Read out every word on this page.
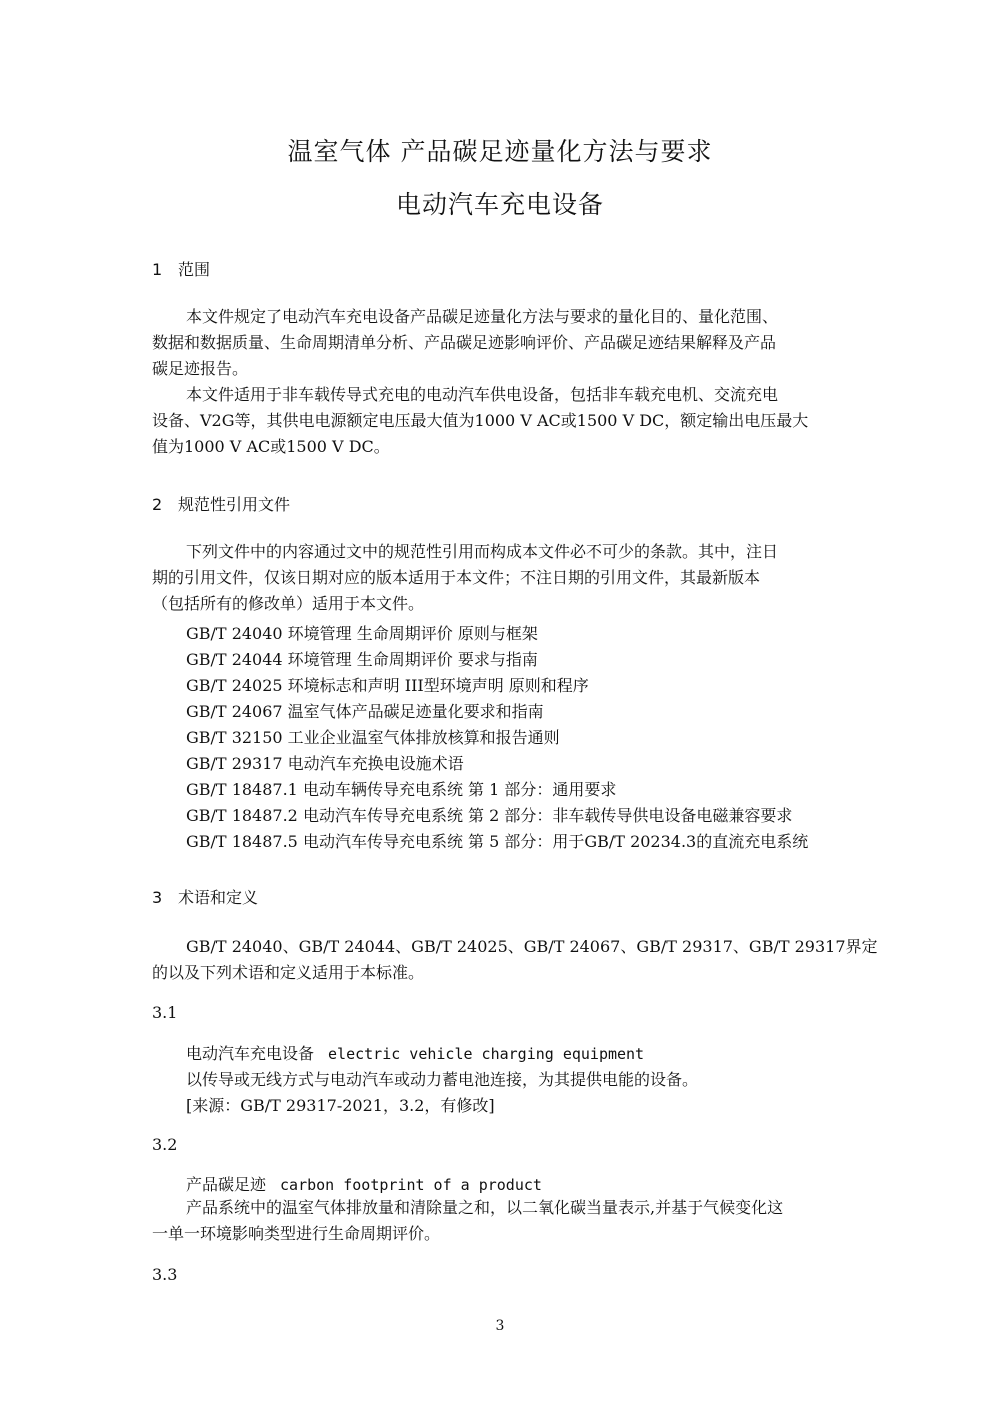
温室气体 产品碳足迹量化方法与要求
电动汽车充电设备
1 范围
本文件规定了电动汽车充电设备产品碳足迹量化方法与要求的量化目的、量化范围、
数据和数据质量、生命周期清单分析、产品碳足迹影响评价、产品碳足迹结果解释及产品
碳足迹报告。
本文件适用于非车载传导式充电的电动汽车供电设备，包括非车载充电机、交流充电
设备、V2G等，其供电电源额定电压最大值为1000 V AC或1500 V DC，额定输出电压最大
值为1000 V AC或1500 V DC。
2 规范性引用文件
下列文件中的内容通过文中的规范性引用而构成本文件必不可少的条款。其中，注日
期的引用文件，仅该日期对应的版本适用于本文件；不注日期的引用文件，其最新版本
（包括所有的修改单）适用于本文件。
GB/T 24040 环境管理 生命周期评价 原则与框架
GB/T 24044 环境管理 生命周期评价 要求与指南
GB/T 24025 环境标志和声明 III型环境声明 原则和程序
GB/T 24067 温室气体产品碳足迹量化要求和指南
GB/T 32150 工业企业温室气体排放核算和报告通则
GB/T 29317 电动汽车充换电设施术语
GB/T 18487.1 电动车辆传导充电系统 第 1 部分：通用要求
GB/T 18487.2 电动汽车传导充电系统 第 2 部分：非车载传导供电设备电磁兼容要求
GB/T 18487.5 电动汽车传导充电系统 第 5 部分：用于GB/T 20234.3的直流充电系统
3 术语和定义
GB/T 24040、GB/T 24044、GB/T 24025、GB/T 24067、GB/T 29317、GB/T 29317界定
的以及下列术语和定义适用于本标准。
3.1
电动汽车充电设备 electric vehicle charging equipment
以传导或无线方式与电动汽车或动力蓄电池连接，为其提供电能的设备。
[来源：GB/T 29317-2021，3.2，有修改]
3.2
产品碳足迹 carbon footprint of a product
产品系统中的温室气体排放量和清除量之和，以二氧化碳当量表示,并基于气候变化这
一单一环境影响类型进行生命周期评价。
3.3
3
